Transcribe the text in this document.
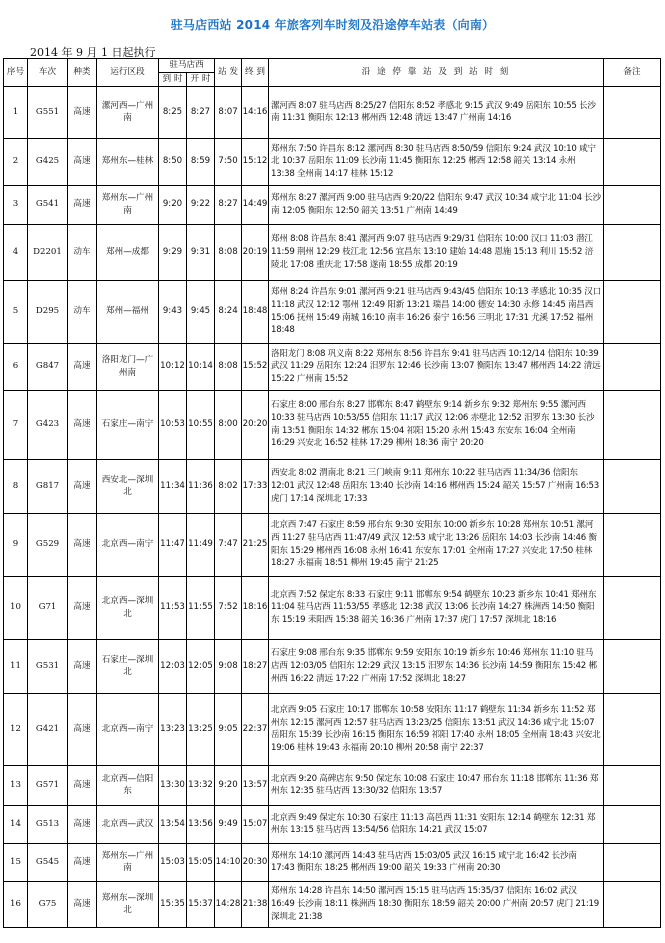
驻马店西站 2014 年旅客列车时刻及沿途停车站表（向南）
2014 年 9 月 1 日起执行
序号	车次	种类	运行区段	驻马店西		站 发	终 到	沿 途 停 靠 站 及 到 站 时 刻	备注
				到 时	开 时				
1	G551	高速	漯河西—广州南	8:25	8:27	8:07	14:16	漯河西 8:07 驻马店西 8:25/27 信阳东 8:52 孝感北 9:15 武汉 9:49 岳阳东 10:55 长沙南 11:31 衡阳东 12:13 郴州西 12:48 清远 13:47 广州南 14:16	
2	G425	高速	郑州东—桂林	8:50	8:59	7:50	15:12	郑州东 7:50 许昌东 8:12 漯河西 8:30 驻马店西 8:50/59 信阳东 9:24 武汉 10:10 咸宁北 10:37 岳阳东 11:09 长沙南 11:45 衡阳东 12:25 郴西 12:58 韶关 13:14 永州 13:38 全州南 14:17 桂林 15:12	
3	G541	高速	郑州东—广州南	9:20	9:22	8:27	14:49	郑州东 8:27 漯河西 9:00 驻马店西 9:20/22 信阳东 9:47 武汉 10:34 咸宁北 11:04 长沙南 12:05 衡阳东 12:50 韶关 13:51 广州南 14:49	
4	D2201	动车	郑州—成都	9:29	9:31	8:08	20:19	郑州 8:08 许昌东 8:41 漯河西 9:07 驻马店西 9:29/31 信阳东 10:00 汉口 11:03 潜江 11:59 荆州 12:29 枝江北 12:56 宜昌东 13:10 建始 14:48 恩施 15:13 利川 15:52 涪陵北 17:08 重庆北 17:58 遂南 18:55 成都 20:19	
5	D295	动车	郑州—福州	9:43	9:45	8:24	18:48	郑州 8:24 许昌东 9:01 漯河西 9:21 驻马店西 9:43/45 信阳东 10:13 孝感北 10:35 汉口 11:18 武汉 12:12 鄂州 12:49 阳新 13:21 瑞昌 14:00 德安 14:30 永修 14:45 南昌西 15:06 抚州 15:49 南城 16:10 南丰 16:26 泰宁 16:56 三明北 17:31 尤溪 17:52 福州 18:48	
6	G847	高速	洛阳龙门—广州南	10:12	10:14	8:08	15:52	洛阳龙门 8:08 巩义南 8:22 郑州东 8:56 许昌东 9:41 驻马店西 10:12/14 信阳东 10:39 武汉 11:29 岳阳东 12:24 汨罗东 12:46 长沙南 13:07 衡阳东 13:47 郴州西 14:22 清远 15:22 广州南 15:52	
7	G423	高速	石家庄—南宁	10:53	10:55	8:00	20:20	石家庄 8:00 邢台东 8:27 邯郸东 8:47 鹤壁东 9:14 新乡东 9:32 郑州东 9:55 漯河西 10:33 驻马店西 10:53/55 信阳东 11:17 武汉 12:06 赤壁北 12:52 汨罗东 13:30 长沙南 13:51 衡阳东 14:32 郴东 15:04 祁阳 15:20 永州 15:43 东安东 16:04 全州南 16:29 兴安北 16:52 桂林 17:29 柳州 18:36 南宁 20:20	
8	G817	高速	西安北—深圳北	11:34	11:36	8:02	17:33	西安北 8:02 渭南北 8:21 三门峡南 9:11 郑州东 10:22 驻马店西 11:34/36 信阳东 12:01 武汉 12:48 岳阳东 13:40 长沙南 14:16 郴州西 15:24 韶关 15:57 广州南 16:53 虎门 17:14 深圳北 17:33	
9	G529	高速	北京西—南宁	11:47	11:49	7:47	21:25	北京西 7:47 石家庄 8:59 邢台东 9:30 安阳东 10:00 新乡东 10:28 郑州东 10:51 漯河西 11:27 驻马店西 11:47/49 武汉 12:53 咸宁北 13:26 岳阳东 14:03 长沙南 14:46 衡阳东 15:29 郴州西 16:08 永州 16:41 东安东 17:01 全州南 17:27 兴安北 17:50 桂林 18:27 永福南 18:51 柳州 19:45 南宁 21:25	
10	G71	高速	北京西—深圳北	11:53	11:55	7:52	18:16	北京西 7:52 保定东 8:33 石家庄 9:11 邯郸东 9:54 鹤壁东 10:23 新乡东 10:41 郑州东 11:04 驻马店西 11:53/55 孝感北 12:38 武汉 13:06 长沙南 14:27 株洲西 14:50 衡阳东 15:19 耒阳西 15:38 韶关 16:36 广州南 17:37 虎门 17:57 深圳北 18:16	
11	G531	高速	石家庄—深圳北	12:03	12:05	9:08	18:27	石家庄 9:08 邢台东 9:35 邯郸东 9:59 安阳东 10:19 新乡东 10:46 郑州东 11:10 驻马店西 12:03/05 信阳东 12:29 武汉 13:15 汨罗东 14:36 长沙南 14:59 衡阳东 15:42 郴州西 16:22 清远 17:22 广州南 17:52 深圳北 18:27	
12	G421	高速	北京西—南宁	13:23	13:25	9:05	22:37	北京西 9:05 石家庄 10:17 邯郸东 10:58 安阳东 11:17 鹤壁东 11:34 新乡东 11:52 郑州东 12:15 漯河西 12:57 驻马店西 13:23/25 信阳东 13:51 武汉 14:36 咸宁北 15:07 岳阳东 15:39 长沙南 16:15 衡阳东 16:59 祁阳 17:40 永州 18:05 全州南 18:43 兴安北 19:06 桂林 19:43 永福南 20:10 柳州 20:58 南宁 22:37	
13	G571	高速	北京西—信阳东	13:30	13:32	9:20	13:57	北京西 9:20 高碑店东 9:50 保定东 10:08 石家庄 10:47 邢台东 11:18 邯郸东 11:36 郑州东 12:35 驻马店西 13:30/32 信阳东 13:57	
14	G513	高速	北京西—武汉	13:54	13:56	9:49	15:07	北京西 9:49 保定东 10:30 石家庄 11:13 高邑西 11:31 安阳东 12:14 鹤壁东 12:31 郑州东 13:15 驻马店西 13:54/56 信阳东 14:21 武汉 15:07	
15	G545	高速	郑州东—广州南	15:03	15:05	14:10	20:30	郑州东 14:10 漯河西 14:43 驻马店西 15:03/05 武汉 16:15 咸宁北 16:42 长沙南 17:43 衡阳东 18:25 郴州西 19:00 韶关 19:33 广州南 20:30	
16	G75	高速	郑州东—深圳北	15:35	15:37	14:28	21:38	郑州东 14:28 许昌东 14:50 漯河西 15:15 驻马店西 15:35/37 信阳东 16:02 武汉 16:49 长沙南 18:11 株洲西 18:30 衡阳东 18:59 韶关 20:00 广州南 20:57 虎门 21:19 深圳北 21:38	
